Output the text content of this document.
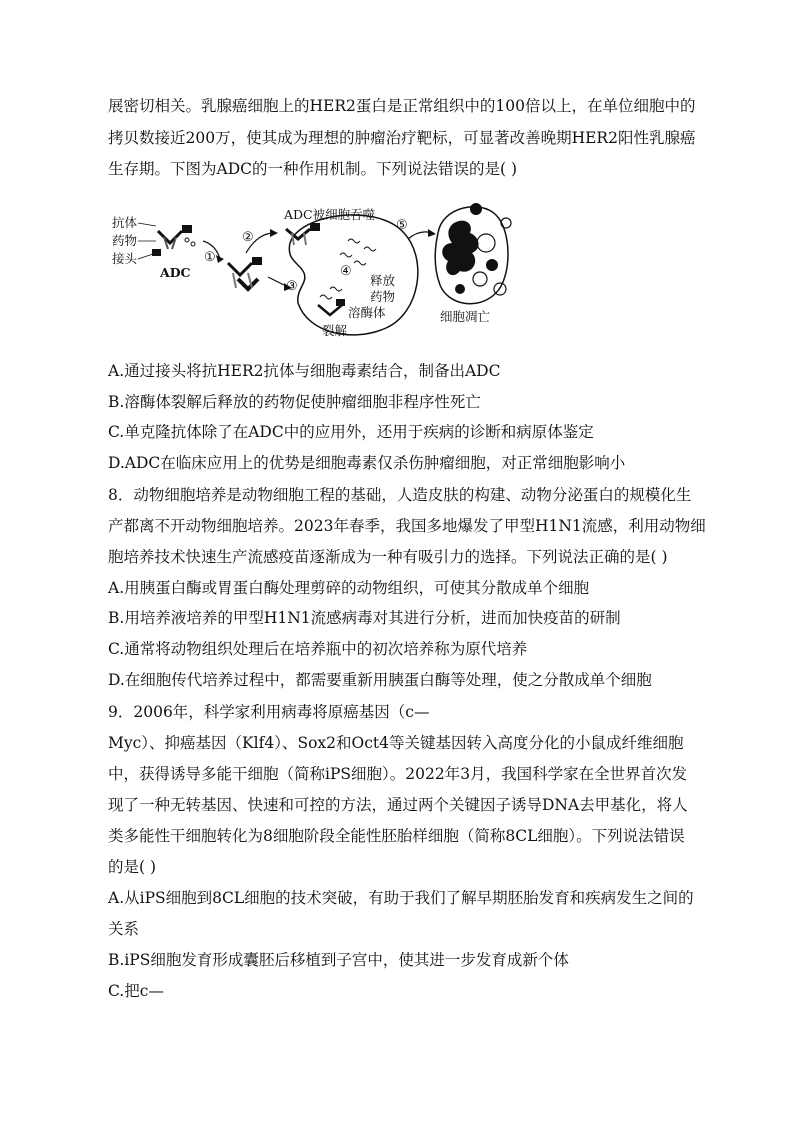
展密切相关。乳腺癌细胞上的HER2蛋白是正常组织中的100倍以上，在单位细胞中的
拷贝数接近200万，使其成为理想的肿瘤治疗靶标，可显著改善晚期HER2阳性乳腺癌
生存期。下图为ADC的一种作用机制。下列说法错误的是( )
抗体
药物
接头
ADC
①
②
ADC被细胞吞噬
③
④
释放
药物
溶酶体
裂解
⑤
细胞凋亡
A.通过接头将抗HER2抗体与细胞毒素结合，制备出ADC
B.溶酶体裂解后释放的药物促使肿瘤细胞非程序性死亡
C.单克隆抗体除了在ADC中的应用外，还用于疾病的诊断和病原体鉴定
D.ADC在临床应用上的优势是细胞毒素仅杀伤肿瘤细胞，对正常细胞影响小
8．动物细胞培养是动物细胞工程的基础，人造皮肤的构建、动物分泌蛋白的规模化生
产都离不开动物细胞培养。2023年春季，我国多地爆发了甲型H1N1流感，利用动物细
胞培养技术快速生产流感疫苗逐渐成为一种有吸引力的选择。下列说法正确的是( )
A.用胰蛋白酶或胃蛋白酶处理剪碎的动物组织，可使其分散成单个细胞
B.用培养液培养的甲型H1N1流感病毒对其进行分析，进而加快疫苗的研制
C.通常将动物组织处理后在培养瓶中的初次培养称为原代培养
D.在细胞传代培养过程中，都需要重新用胰蛋白酶等处理，使之分散成单个细胞
9．2006年，科学家利用病毒将原癌基因（c—
Myc）、抑癌基因（Klf4）、Sox2和Oct4等关键基因转入高度分化的小鼠成纤维细胞
中，获得诱导多能干细胞（简称iPS细胞）。2022年3月，我国科学家在全世界首次发
现了一种无转基因、快速和可控的方法，通过两个关键因子诱导DNA去甲基化，将人
类多能性干细胞转化为8细胞阶段全能性胚胎样细胞（简称8CL细胞）。下列说法错误
的是( )
A.从iPS细胞到8CL细胞的技术突破，有助于我们了解早期胚胎发育和疾病发生之间的
关系
B.iPS细胞发育形成囊胚后移植到子宫中，使其进一步发育成新个体
C.把c—
